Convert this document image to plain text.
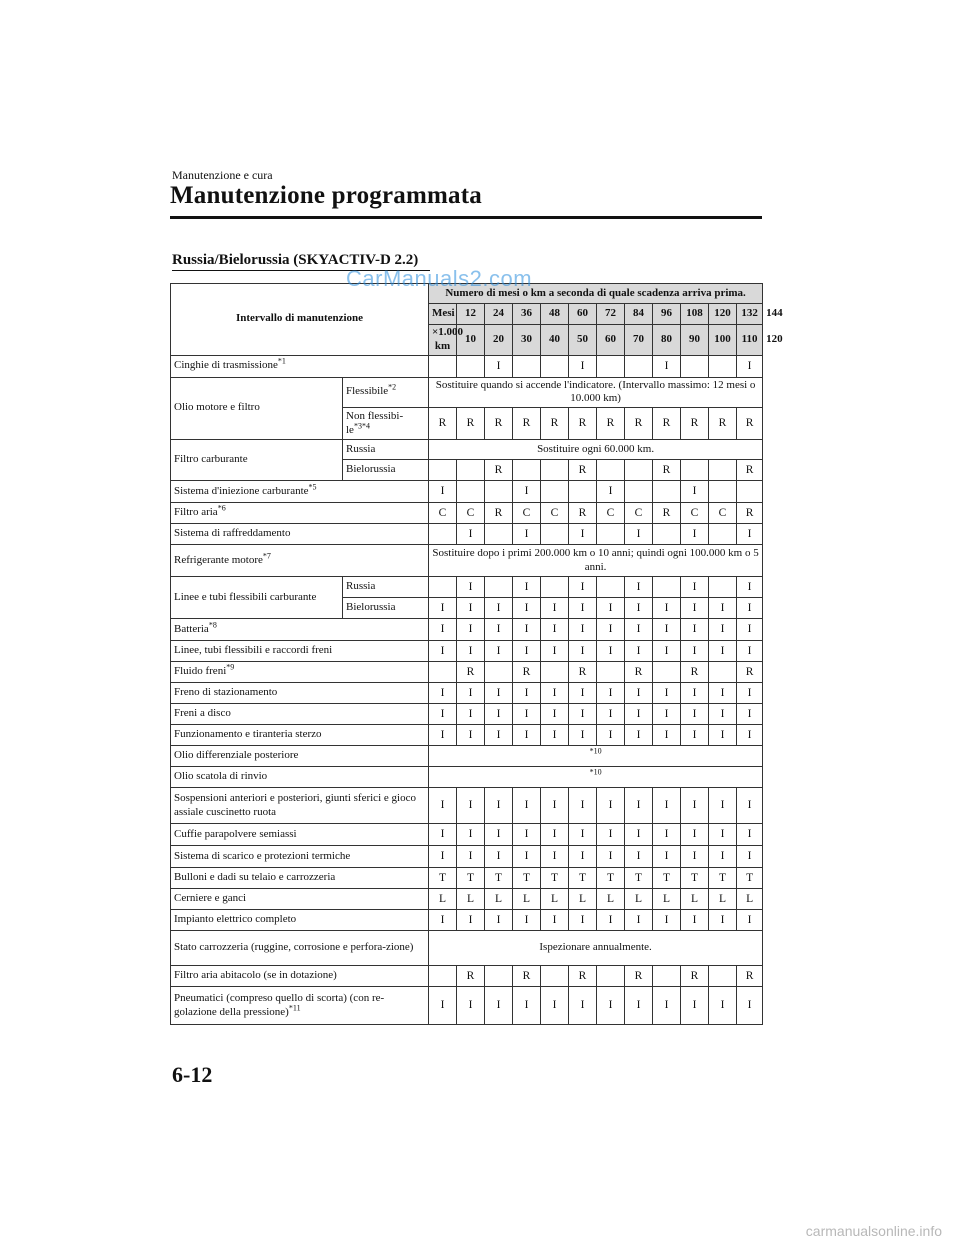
Manutenzione e cura
Manutenzione programmata
Russia/Bielorussia (SKYACTIV-D 2.2)
Intervallo di manutenzione		Numero di mesi o km a seconda di quale scadenza arriva prima.												
		Mesi	12	24	36	48	60	72	84	96	108	120	132	144
		×1.000 km	10	20	30	40	50	60	70	80	90	100	110	120
Cinghie di trasmissione$^{*1}$				I			I			I			I	
Olio motore e filtro	Flessibile$^{*2}$	Sostituire quando si accende l'indicatore. (Intervallo massimo: 12 mesi o 10.000 km)												
	Non flessibi-$le^{*3*4}$	R	R	R	R	R	R	R	R	R	R	R	R	
Filtro carburante	Russia	Sostituire ogni 60.000 km.												
	Bielorussia			R			R			R			R	
Sistema d'iniezione carburante$^{*5}$		I			I			I			I			
Filtro aria$^{*6}$		C	C	R	C	C	R	C	C	R	C	C	R	
Sistema di raffreddamento			I		I		I		I		I		I	
Refrigerante motore$^{*7}$		Sostituire dopo i primi 200.000 km o 10 anni; quindi ogni 100.000 km o 5 anni.												
Linee e tubi flessibili carburante	Russia		I		I		I		I		I		I	
	Bielorussia	I	I	I	I	I	I	I	I	I	I	I	I	
Batteria$^{*8}$		I	I	I	I	I	I	I	I	I	I	I	I	
Linee, tubi flessibili e raccordi freni		I	I	I	I	I	I	I	I	I	I	I	I	
Fluido freni$^{*9}$			R		R		R		R		R		R	
Freno di stazionamento		I	I	I	I	I	I	I	I	I	I	I	I	
Freni a disco		I	I	I	I	I	I	I	I	I	I	I	I	
Funzionamento e tiranteria sterzo		I	I	I	I	I	I	I	I	I	I	I	I	
Olio differenziale posteriore		$^{*10}$
Olio scatola di rinvio		$^{*10}$
Sospensioni anteriori e posteriori, giunti sferici e gioco assiale cuscinetto ruota		I	I	I	I	I	I	I	I	I	I	I	I	
Cuffie parapolvere semiassi		I	I	I	I	I	I	I	I	I	I	I	I	
Sistema di scarico e protezioni termiche		I	I	I	I	I	I	I	I	I	I	I	I	
Bulloni e dadi su telaio e carrozzeria		T	T	T	T	T	T	T	T	T	T	T	T	
Cerniere e ganci		L	L	L	L	L	L	L	L	L	L	L	L	
Impianto elettrico completo		I	I	I	I	I	I	I	I	I	I	I	I	
Stato carrozzeria (ruggine, corrosione e perfora-zione)		Ispezionare annualmente.												
Filtro aria abitacolo (se in dotazione)			R		R		R		R		R		R	
Pneumatici (compreso quello di scorta) (con re-golazione della pressione)$^{*11}$		I	I	I	I	I	I	I	I	I	I	I	I	
CarManuals2.com
6-12
carmanualsonline.info
